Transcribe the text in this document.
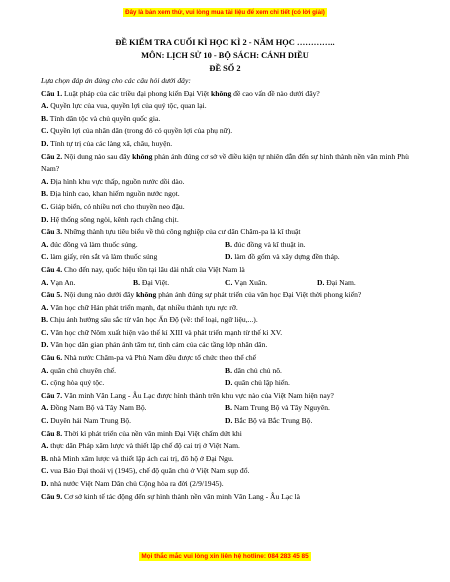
Đây là bản xem thử, vui lòng mua tài liệu để xem chi tiết (có lời giải)
ĐỀ KIỂM TRA CUỐI KÌ HỌC KÌ 2 - NĂM HỌC …………..
MÔN: LỊCH SỬ 10 - BỘ SÁCH: CÁNH DIỀU
ĐỀ SỐ 2
Lựa chọn đáp án đúng cho các câu hỏi dưới đây:
Câu 1. Luật pháp của các triều đại phong kiến Đại Việt không đề cao vấn đề nào dưới đây?
A. Quyền lực của vua, quyền lợi của quý tộc, quan lại.
B. Tính dân tộc và chủ quyền quốc gia.
C. Quyền lợi của nhân dân (trong đó có quyền lợi của phụ nữ).
D. Tính tự trị của các làng xã, châu, huyện.
Câu 2. Nội dung nào sau đây không phản ánh đúng cơ sở về điều kiện tự nhiên dẫn đến sự hình thành nền văn minh Phù Nam?
A. Địa hình khu vực thấp, nguồn nước dồi dào.
B. Địa hình cao, khan hiếm nguồn nước ngọt.
C. Giáp biển, có nhiều nơi cho thuyền neo đậu.
D. Hệ thống sông ngòi, kênh rạch chằng chịt.
Câu 3. Những thành tựu tiêu biểu về thủ công nghiệp của cư dân Chăm-pa là kĩ thuật
A. đúc đồng và làm thuốc súng.	B. đúc đồng và kĩ thuật in.
C. làm giấy, rèn sắt và làm thuốc súng	D. làm đồ gốm và xây dựng đền tháp.
Câu 4. Cho đến nay, quốc hiệu tồn tại lâu dài nhất của Việt Nam là
A. Vạn An.	B. Đại Việt.	C. Vạn Xuân.	D. Đại Nam.
Câu 5. Nội dung nào dưới đây không phản ánh đúng sự phát triển của văn học Đại Việt thời phong kiến?
A. Văn học chữ Hán phát triển mạnh, đạt nhiều thành tựu rực rỡ.
B. Chịu ảnh hưởng sâu sắc từ văn học Ấn Độ (về: thể loại, ngữ liệu,...).
C. Văn học chữ Nôm xuất hiện vào thế kỉ XIII và phát triển mạnh từ thế kỉ XV.
D. Văn học dân gian phản ánh tâm tư, tình cảm của các tầng lớp nhân dân.
Câu 6. Nhà nước Chăm-pa và Phù Nam đều được tổ chức theo thể chế
A. quân chủ chuyên chế.	B. dân chủ chủ nô.
C. cộng hòa quý tộc.	D. quân chủ lập hiến.
Câu 7. Văn minh Văn Lang - Âu Lạc được hình thành trên khu vực nào của Việt Nam hiện nay?
A. Đồng Nam Bộ và Tây Nam Bộ.	B. Nam Trung Bộ và Tây Nguyên.
C. Duyên hải Nam Trung Bộ.	D. Bắc Bộ và Bắc Trung Bộ.
Câu 8. Thời kì phát triển của nền văn minh Đại Việt chấm dứt khi
A. thực dân Pháp xâm lược và thiết lập chế độ cai trị ở Việt Nam.
B. nhà Minh xâm lược và thiết lập ách cai trị, đô hộ ở Đại Ngu.
C. vua Bảo Đại thoái vị (1945), chế độ quân chủ ở Việt Nam sụp đổ.
D. nhà nước Việt Nam Dân chủ Cộng hòa ra đời (2/9/1945).
Câu 9. Cơ sở kinh tế tác động đến sự hình thành nền văn minh Văn Lang - Âu Lạc là
Mọi thắc mắc vui lòng xin liên hệ hotline: 084 283 45 85
